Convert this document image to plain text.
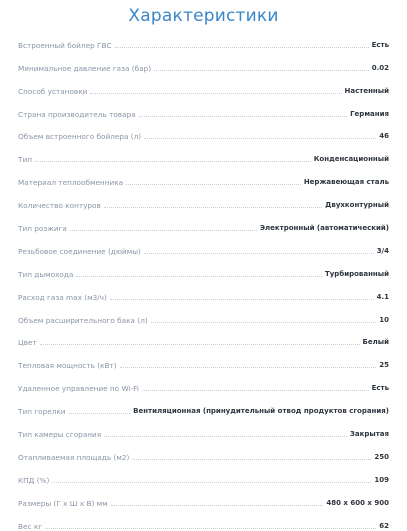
Характеристики
Встроенный бойлер ГВС	Есть
Минимальное давление газа (бар)	0.02
Способ установки	Настенный
Страна производитель товара	Германия
Объем встроенного бойлера (л)	46
Тип	Конденсационный
Материал теплообменника	Нержавеющая сталь
Количество контуров	Двухконтурный
Тип розжига	Электронный (автоматический)
Резьбовое соединение (дюймы)	3/4
Тип дымохода	Турбированный
Расход газа max (м3/ч)	4.1
Объем расширительного бака (л)	10
Цвет	Белый
Тепловая мощность (кВт)	25
Удаленное управление по Wi-Fi	Есть
Тип горелки	Вентиляционная (принудительный отвод продуктов сгорания)
Тип камеры сгорания	Закрытая
Отапливаемая площадь (м2)	250
КПД (%)	109
Размеры (Г х Ш х В) мм	480 х 600 х 900
Вес кг	62
